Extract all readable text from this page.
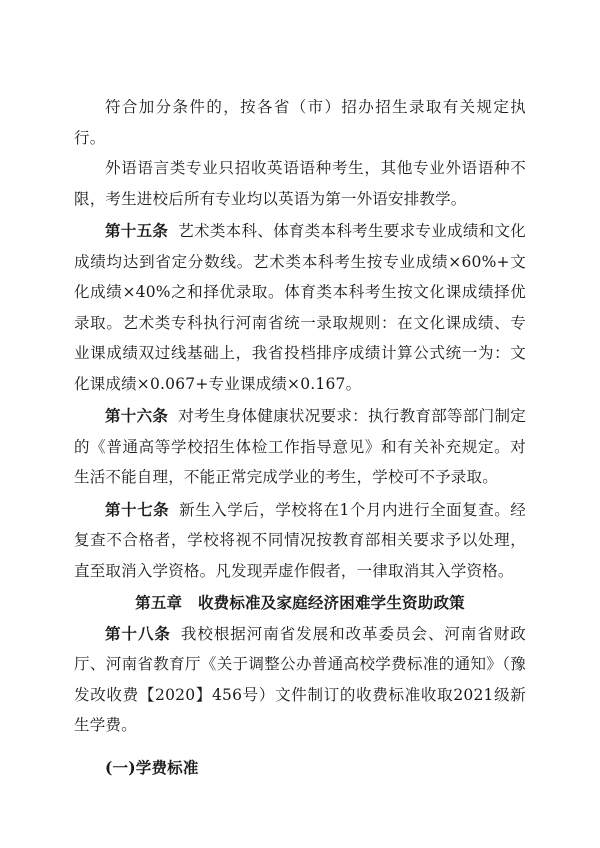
符合加分条件的，按各省（市）招办招生录取有关规定执行。

外语语言类专业只招收英语语种考生，其他专业外语语种不限，考生进校后所有专业均以英语为第一外语安排教学。

第十五条 艺术类本科、体育类本科考生要求专业成绩和文化成绩均达到省定分数线。艺术类本科考生按专业成绩×60%+文化成绩×40%之和择优录取。体育类本科考生按文化课成绩择优录取。艺术类专科执行河南省统一录取规则：在文化课成绩、专业课成绩双过线基础上，我省投档排序成绩计算公式统一为：文化课成绩×0.067+专业课成绩×0.167。

第十六条 对考生身体健康状况要求：执行教育部等部门制定的《普通高等学校招生体检工作指导意见》和有关补充规定。对生活不能自理，不能正常完成学业的考生，学校可不予录取。

第十七条 新生入学后，学校将在1个月内进行全面复查。经复查不合格者，学校将视不同情况按教育部相关要求予以处理，直至取消入学资格。凡发现弄虚作假者，一律取消其入学资格。

第五章　收费标准及家庭经济困难学生资助政策

第十八条 我校根据河南省发展和改革委员会、河南省财政厅、河南省教育厅《关于调整公办普通高校学费标准的通知》（豫发改收费【2020】456号）文件制订的收费标准收取2021级新生学费。

(一)学费标准
